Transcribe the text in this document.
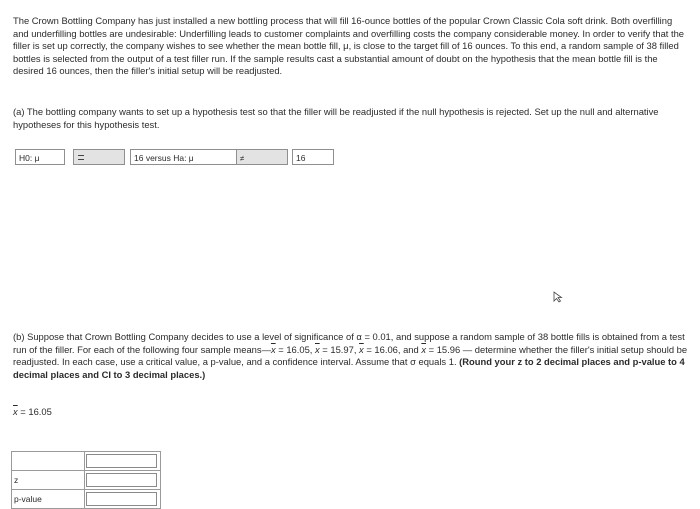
The Crown Bottling Company has just installed a new bottling process that will fill 16-ounce bottles of the popular Crown Classic Cola soft drink. Both overfilling and underfilling bottles are undesirable: Underfilling leads to customer complaints and overfilling costs the company considerable money. In order to verify that the filler is set up correctly, the company wishes to see whether the mean bottle fill, μ, is close to the target fill of 16 ounces. To this end, a random sample of 38 filled bottles is selected from the output of a test filler run. If the sample results cast a substantial amount of doubt on the hypothesis that the mean bottle fill is the desired 16 ounces, then the filler's initial setup will be readjusted.

(a) The bottling company wants to set up a hypothesis test so that the filler will be readjusted if the null hypothesis is rejected. Set up the null and alternative hypotheses for this hypothesis test.

H0: μ	16 versus Ha: μ	≠	16

(b) Suppose that Crown Bottling Company decides to use a level of significance of α = 0.01, and suppose a random sample of 38 bottle fills is obtained from a test run of the filler. For each of the following four sample $means—\overline{x} = 16.05$, $\overline{x} = 15.97$, $\overline{x} = 16.06$, and $\overline{x} = 15.96$ — determine whether the filler's initial setup should be readjusted. In each case, use a critical value, a p-value, and a confidence interval. Assume that σ equals 1. (Round your z to 2 decimal places and p-value to 4 decimal places and CI to 3 decimal places.)

$\overline{x} = 16.05$

z	

p-value	
